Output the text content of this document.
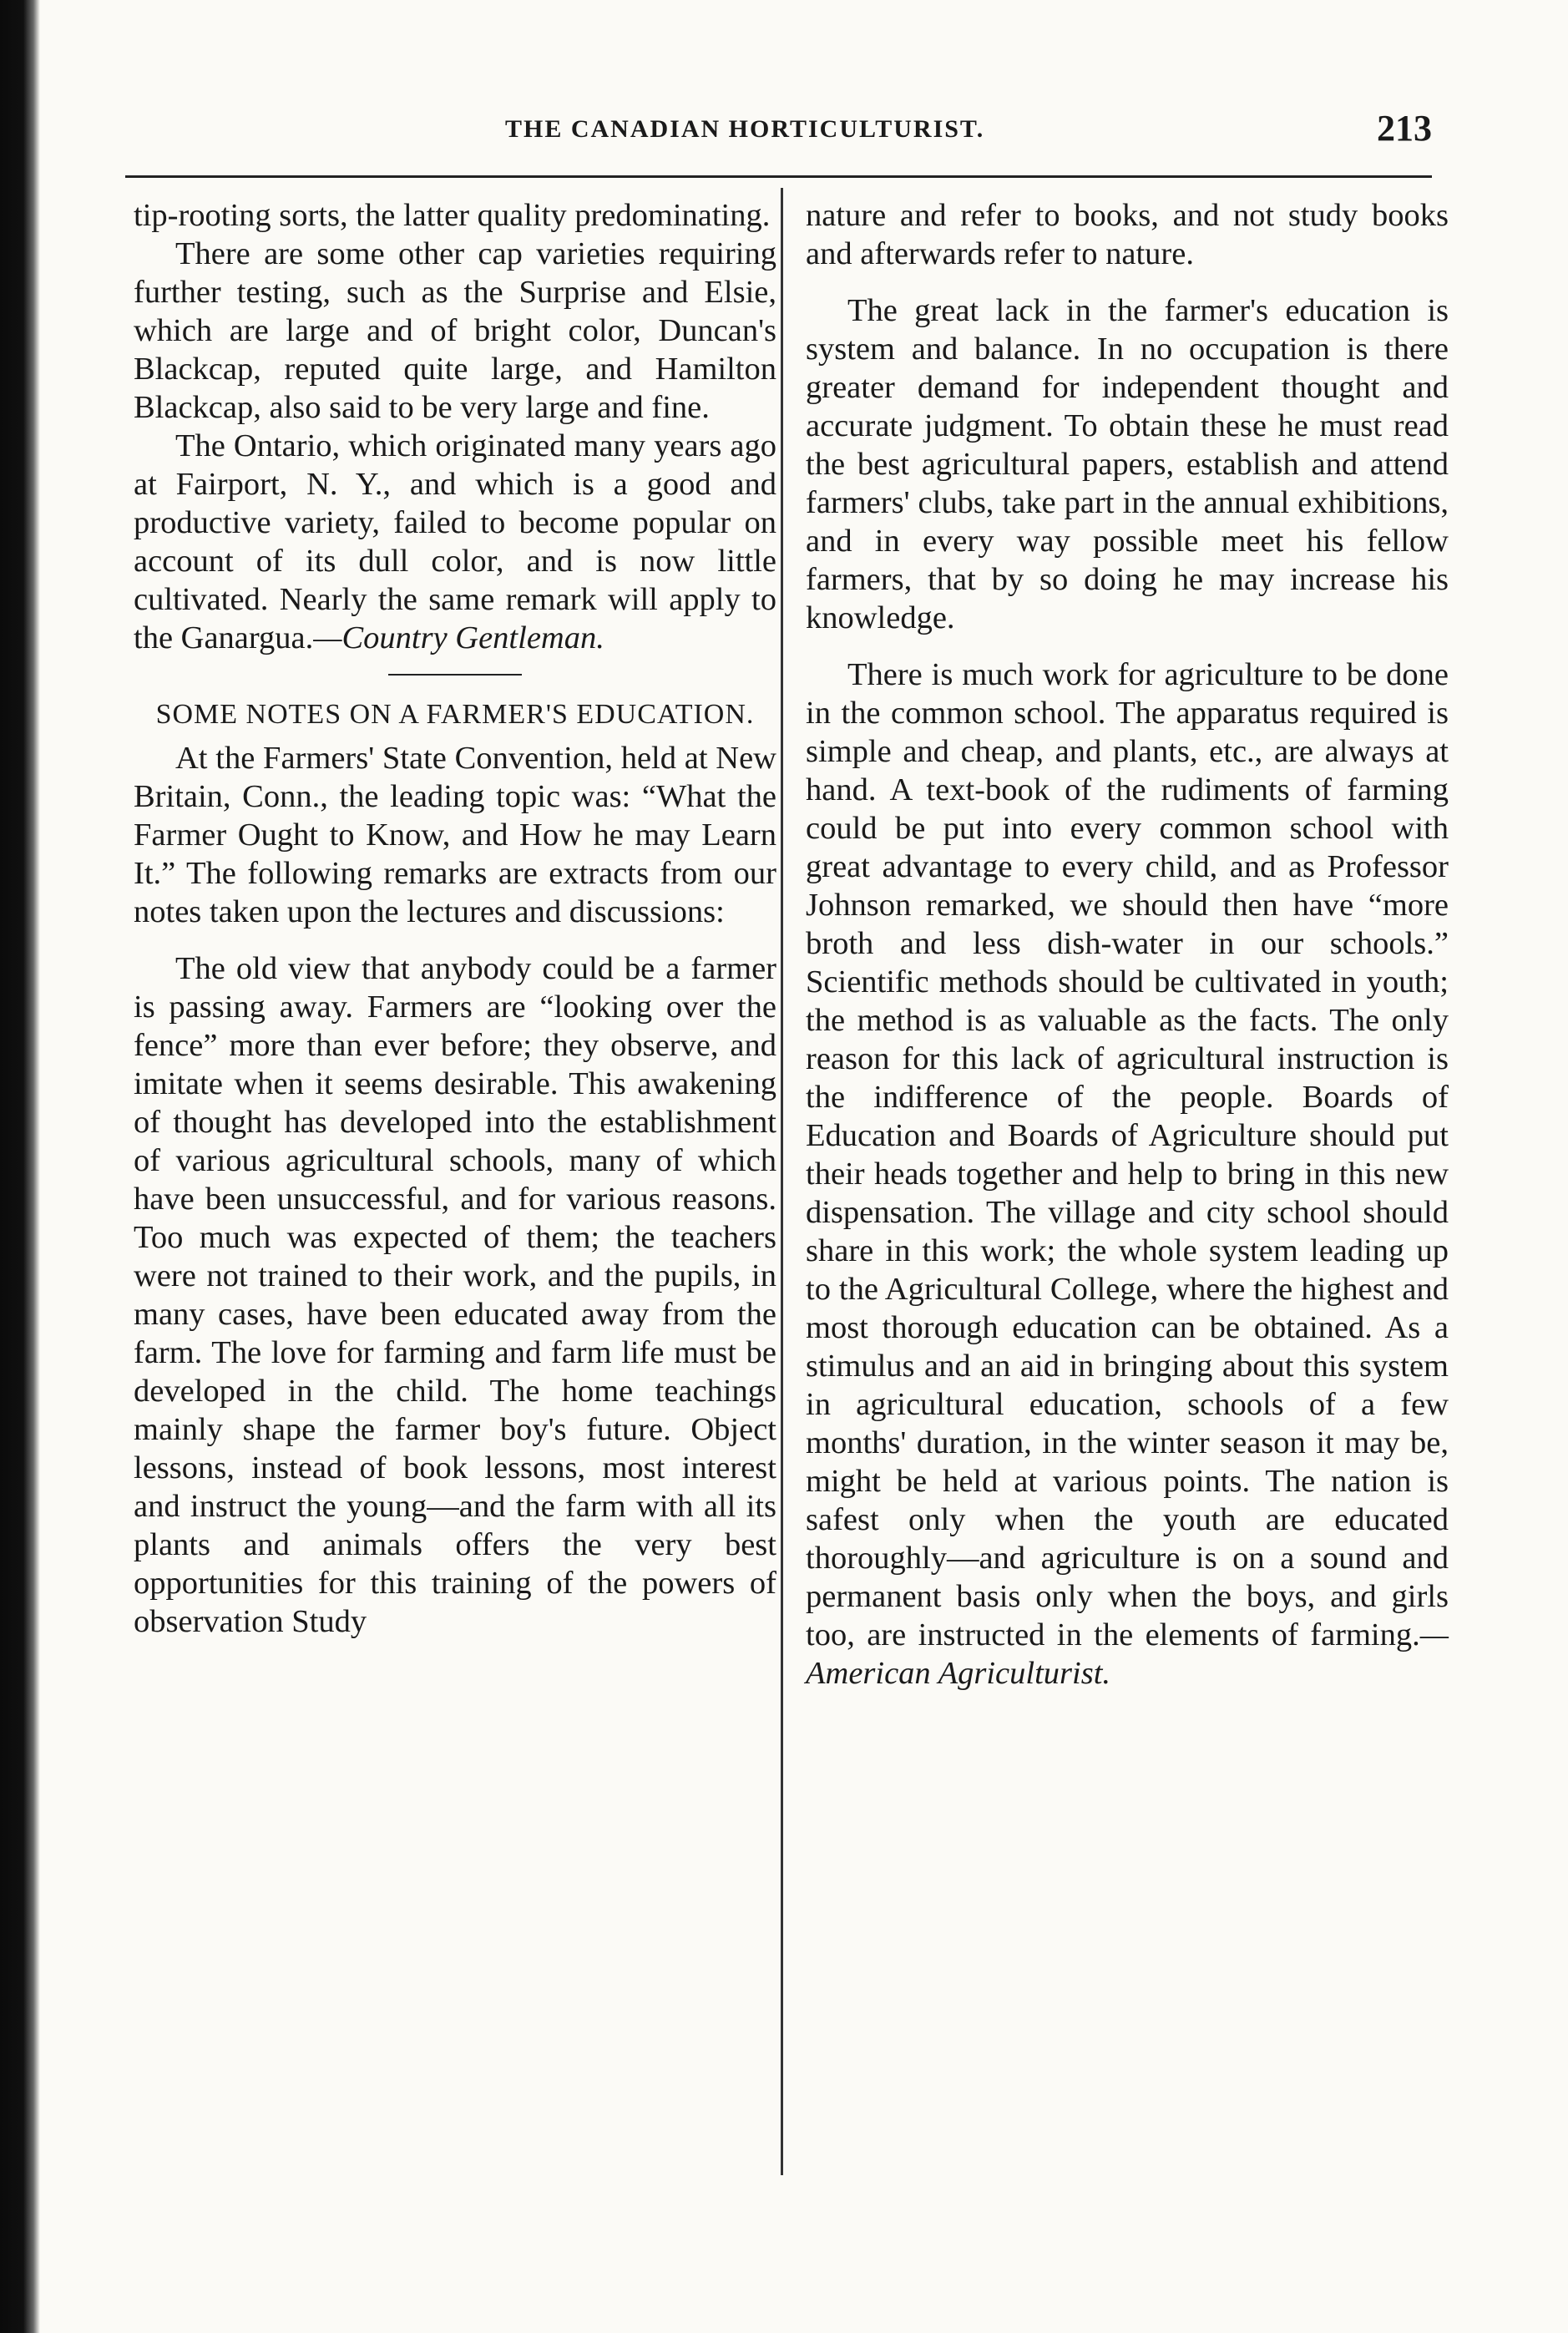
THE CANADIAN HORTICULTURIST.	213

tip-rooting sorts, the latter quality predominating.

There are some other cap varieties requiring further testing, such as the Surprise and Elsie, which are large and of bright color, Duncan's Blackcap, reputed quite large, and Hamilton Blackcap, also said to be very large and fine.

The Ontario, which originated many years ago at Fairport, N. Y., and which is a good and productive variety, failed to become popular on account of its dull color, and is now little cultivated. Nearly the same remark will apply to the Ganargua.—Country Gentleman.

SOME NOTES ON A FARMER'S EDUCATION.

At the Farmers' State Convention, held at New Britain, Conn., the leading topic was: “What the Farmer Ought to Know, and How he may Learn It.” The following remarks are extracts from our notes taken upon the lectures and discussions:

The old view that anybody could be a farmer is passing away. Farmers are “looking over the fence” more than ever before; they observe, and imitate when it seems desirable. This awakening of thought has developed into the establishment of various agricultural schools, many of which have been unsuccessful, and for various reasons. Too much was expected of them; the teachers were not trained to their work, and the pupils, in many cases, have been educated away from the farm. The love for farming and farm life must be developed in the child. The home teachings mainly shape the farmer boy's future. Object lessons, instead of book lessons, most interest and instruct the young—and the farm with all its plants and animals offers the very best opportunities for this training of the powers of observation Study

nature and refer to books, and not study books and afterwards refer to nature.

The great lack in the farmer's education is system and balance. In no occupation is there greater demand for independent thought and accurate judgment. To obtain these he must read the best agricultural papers, establish and attend farmers' clubs, take part in the annual exhibitions, and in every way possible meet his fellow farmers, that by so doing he may increase his knowledge.

There is much work for agriculture to be done in the common school. The apparatus required is simple and cheap, and plants, etc., are always at hand. A text-book of the rudiments of farming could be put into every common school with great advantage to every child, and as Professor Johnson remarked, we should then have “more broth and less dish-water in our schools.” Scientific methods should be cultivated in youth; the method is as valuable as the facts. The only reason for this lack of agricultural instruction is the indifference of the people. Boards of Education and Boards of Agriculture should put their heads together and help to bring in this new dispensation. The village and city school should share in this work; the whole system leading up to the Agricultural College, where the highest and most thorough education can be obtained. As a stimulus and an aid in bringing about this system in agricultural education, schools of a few months' duration, in the winter season it may be, might be held at various points. The nation is safest only when the youth are educated thoroughly—and agriculture is on a sound and permanent basis only when the boys, and girls too, are instructed in the elements of farming.—American Agriculturist.
